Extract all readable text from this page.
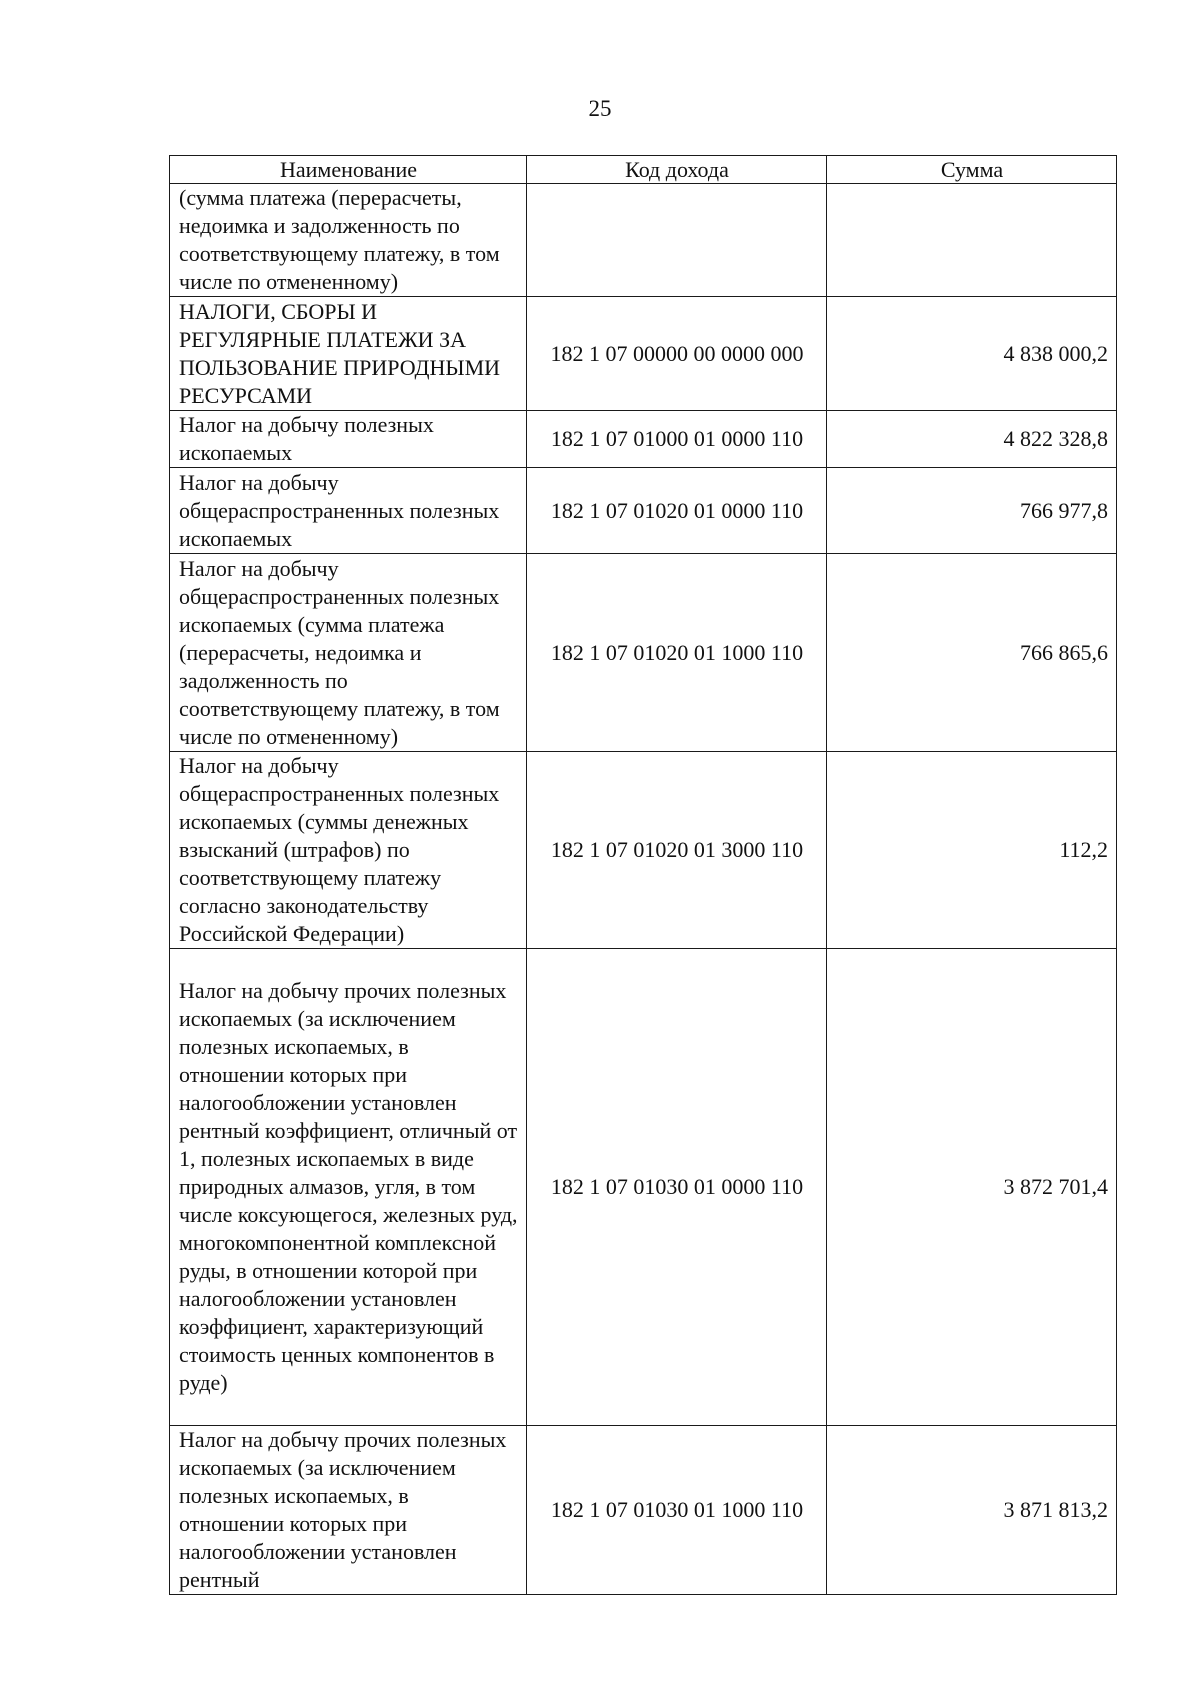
25
Наименование	Код дохода	Сумма
(сумма платежа (перерасчеты, недоимка и задолженность по соответствующему платежу, в том числе по отмененному)		
НАЛОГИ, СБОРЫ И РЕГУЛЯРНЫЕ ПЛАТЕЖИ ЗА ПОЛЬЗОВАНИЕ ПРИРОДНЫМИ РЕСУРСАМИ	182 1 07 00000 00 0000 000	4 838 000,2
Налог на добычу полезных ископаемых	182 1 07 01000 01 0000 110	4 822 328,8
Налог на добычу общераспространенных полезных ископаемых	182 1 07 01020 01 0000 110	766 977,8
Налог на добычу общераспространенных полезных ископаемых (сумма платежа (перерасчеты, недоимка и задолженность по соответствующему платежу, в том числе по отмененному)	182 1 07 01020 01 1000 110	766 865,6
Налог на добычу общераспространенных полезных ископаемых (суммы денежных взысканий (штрафов) по соответствующему платежу согласно законодательству Российской Федерации)	182 1 07 01020 01 3000 110	112,2
Налог на добычу прочих полезных ископаемых (за исключением полезных ископаемых, в отношении которых при налогообложении установлен рентный коэффициент, отличный от 1, полезных ископаемых в виде природных алмазов, угля, в том числе коксующегося, железных руд, многокомпонентной комплексной руды, в отношении которой при налогообложении установлен коэффициент, характеризующий стоимость ценных компонентов в руде)	182 1 07 01030 01 0000 110	3 872 701,4
Налог на добычу прочих полезных ископаемых (за исключением полезных ископаемых, в отношении которых при налогообложении установлен рентный	182 1 07 01030 01 1000 110	3 871 813,2
